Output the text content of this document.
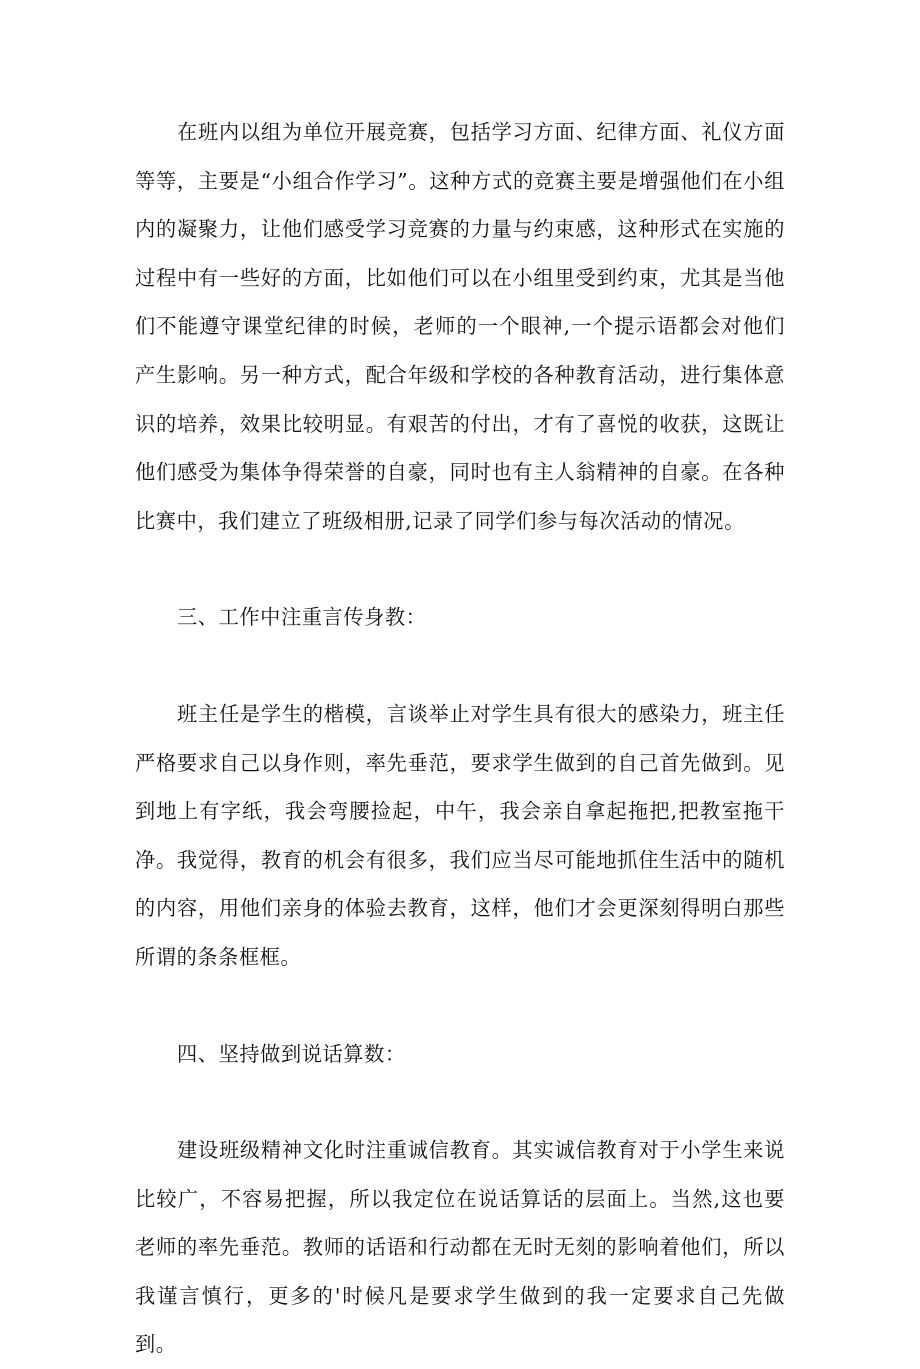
在班内以组为单位开展竞赛，包括学习方面、纪律方面、礼仪方面等等，主要是“小组合作学习”。这种方式的竞赛主要是增强他们在小组内的凝聚力，让他们感受学习竞赛的力量与约束感，这种形式在实施的过程中有一些好的方面，比如他们可以在小组里受到约束，尤其是当他们不能遵守课堂纪律的时候，老师的一个眼神,一个提示语都会对他们产生影响。另一种方式，配合年级和学校的各种教育活动，进行集体意识的培养，效果比较明显。有艰苦的付出，才有了喜悦的收获，这既让他们感受为集体争得荣誉的自豪，同时也有主人翁精神的自豪。在各种比赛中，我们建立了班级相册,记录了同学们参与每次活动的情况。

三、工作中注重言传身教：

班主任是学生的楷模，言谈举止对学生具有很大的感染力，班主任严格要求自己以身作则，率先垂范，要求学生做到的自己首先做到。见到地上有字纸，我会弯腰捡起，中午，我会亲自拿起拖把,把教室拖干净。我觉得，教育的机会有很多，我们应当尽可能地抓住生活中的随机的内容，用他们亲身的体验去教育，这样，他们才会更深刻得明白那些所谓的条条框框。

四、坚持做到说话算数：

建设班级精神文化时注重诚信教育。其实诚信教育对于小学生来说比较广，不容易把握，所以我定位在说话算话的层面上。当然,这也要老师的率先垂范。教师的话语和行动都在无时无刻的影响着他们，所以我谨言慎行，更多的'时候凡是要求学生做到的我一定要求自己先做到。
